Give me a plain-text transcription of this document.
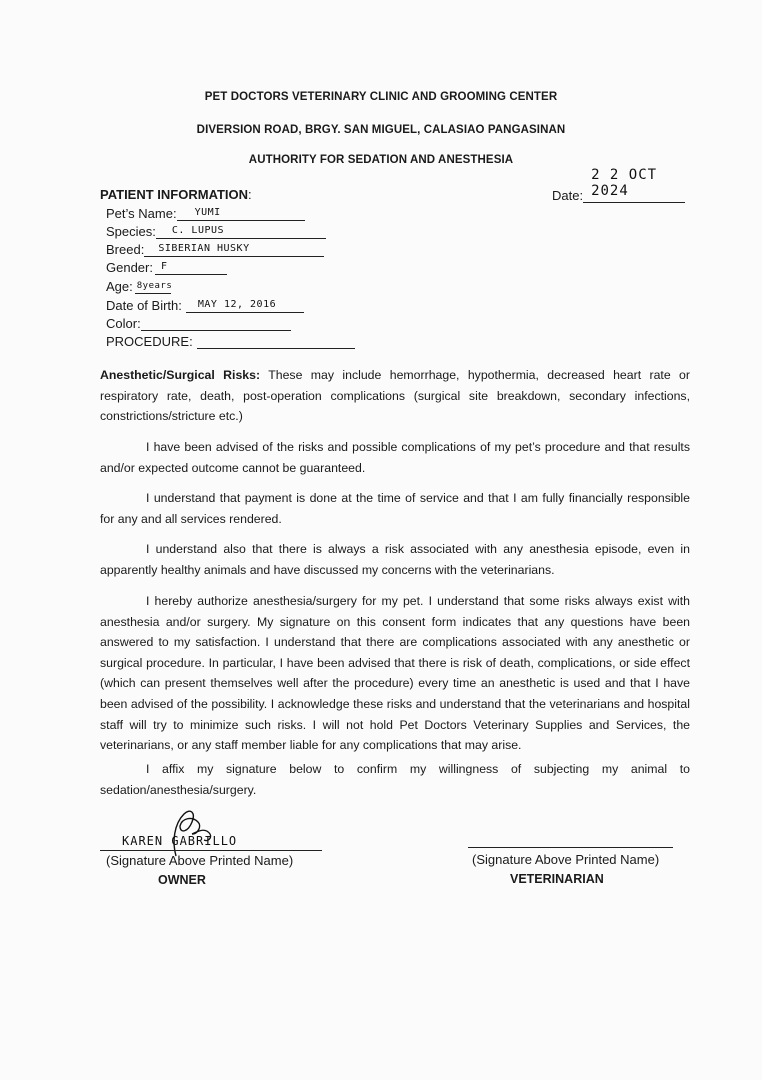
PET DOCTORS VETERINARY CLINIC AND GROOMING CENTER
DIVERSION ROAD, BRGY. SAN MIGUEL, CALASIAO PANGASINAN
AUTHORITY FOR SEDATION AND ANESTHESIA
Date:
2 2 OCT 2024
PATIENT INFORMATION:
Pet’s Name: YUMI
Species: C. LUPUS
Breed: SIBERIAN HUSKY
Gender: F
Age: 8years
Date of Birth: MAY 12, 2016
Color:
PROCEDURE:

Anesthetic/Surgical Risks: These may include hemorrhage, hypothermia, decreased heart rate or respiratory rate, death, post-operation complications (surgical site breakdown, secondary infections, constrictions/stricture etc.)

I have been advised of the risks and possible complications of my pet’s procedure and that results and/or expected outcome cannot be guaranteed.

I understand that payment is done at the time of service and that I am fully financially responsible for any and all services rendered.

I understand also that there is always a risk associated with any anesthesia episode, even in apparently healthy animals and have discussed my concerns with the veterinarians.

I hereby authorize anesthesia/surgery for my pet. I understand that some risks always exist with anesthesia and/or surgery. My signature on this consent form indicates that any questions have been answered to my satisfaction. I understand that there are complications associated with any anesthetic or surgical procedure. In particular, I have been advised that there is risk of death, complications, or side effect (which can present themselves well after the procedure) every time an anesthetic is used and that I have been advised of the possibility. I acknowledge these risks and understand that the veterinarians and hospital staff will try to minimize such risks. I will not hold Pet Doctors Veterinary Supplies and Services, the veterinarians, or any staff member liable for any complications that may arise.

I affix my signature below to confirm my willingness of subjecting my animal to sedation/anesthesia/surgery.

KAREN GABRILLO
(Signature Above Printed Name)
OWNER
(Signature Above Printed Name)
VETERINARIAN
